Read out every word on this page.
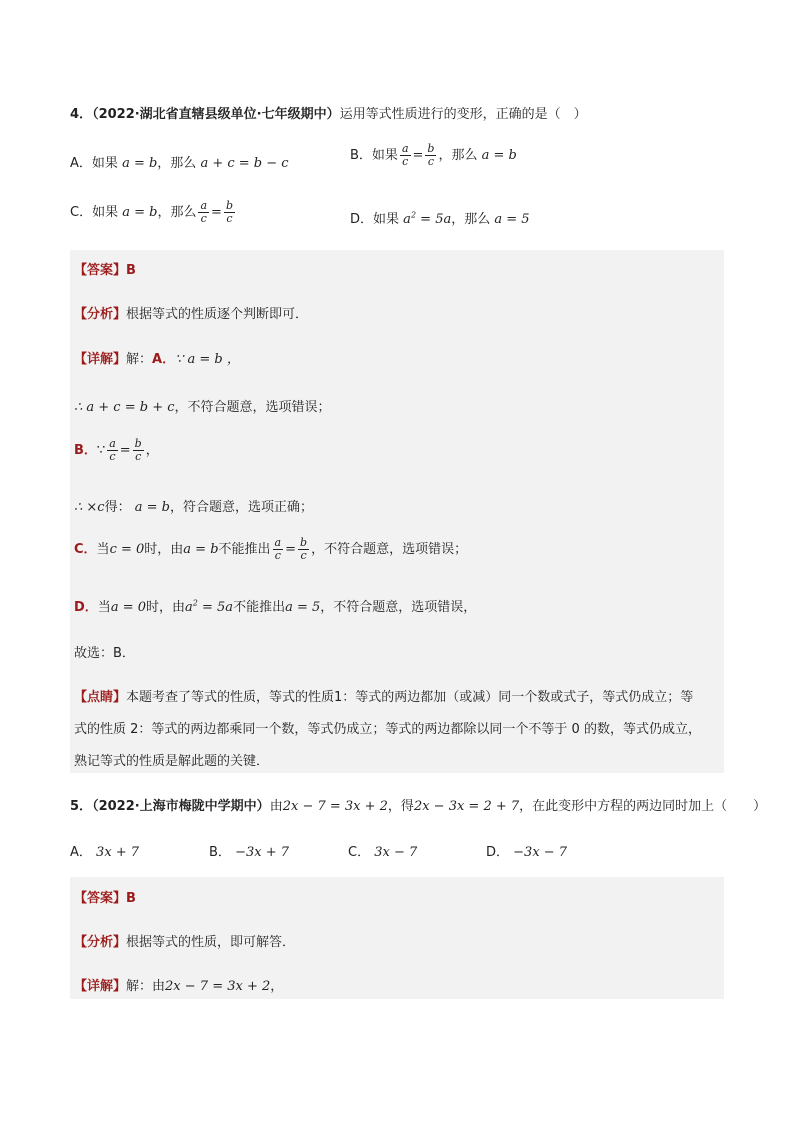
4．（2022·湖北省直辖县级单位·七年级期中）运用等式性质进行的变形，正确的是（　）
A．如果 a = b，那么 a + c = b − c
B．如果 $\frac{a}{c} = \frac{b}{c}$ ，那么 a = b
C．如果 a = b，那么 $\frac{a}{c} = \frac{b}{c}$	D．如果 $a^2 = 5a$，那么 a = 5
【答案】B
【分析】根据等式的性质逐个判断即可．
【详解】解：A．∵ a = b ，
∴ a + c = b + c，不符合题意，选项错误；
B．∵ $\frac{a}{c} = \frac{b}{c}$ ，
∴ ×c得： a = b，符合题意，选项正确；
C．当c = 0时，由a = b不能推出 $\frac{a}{c} = \frac{b}{c}$ ，不符合题意，选项错误；
D．当a = 0时，由$a^2 = 5a$不能推出a = 5，不符合题意，选项错误，
故选：B．
【点睛】本题考查了等式的性质，等式的性质1：等式的两边都加（或减）同一个数或式子，等式仍成立；等
式的性质 2：等式的两边都乘同一个数，等式仍成立；等式的两边都除以同一个不等于 0 的数，等式仍成立，
熟记等式的性质是解此题的关键．
5．（2022·上海市梅陇中学期中）由2x − 7 = 3x + 2，得2x − 3x = 2 + 7，在此变形中方程的两边同时加上（　　）
A． 3x + 7	B． −3x + 7	C． 3x − 7	D． −3x − 7
【答案】B
【分析】根据等式的性质，即可解答．
【详解】解：由2x − 7 = 3x + 2，
